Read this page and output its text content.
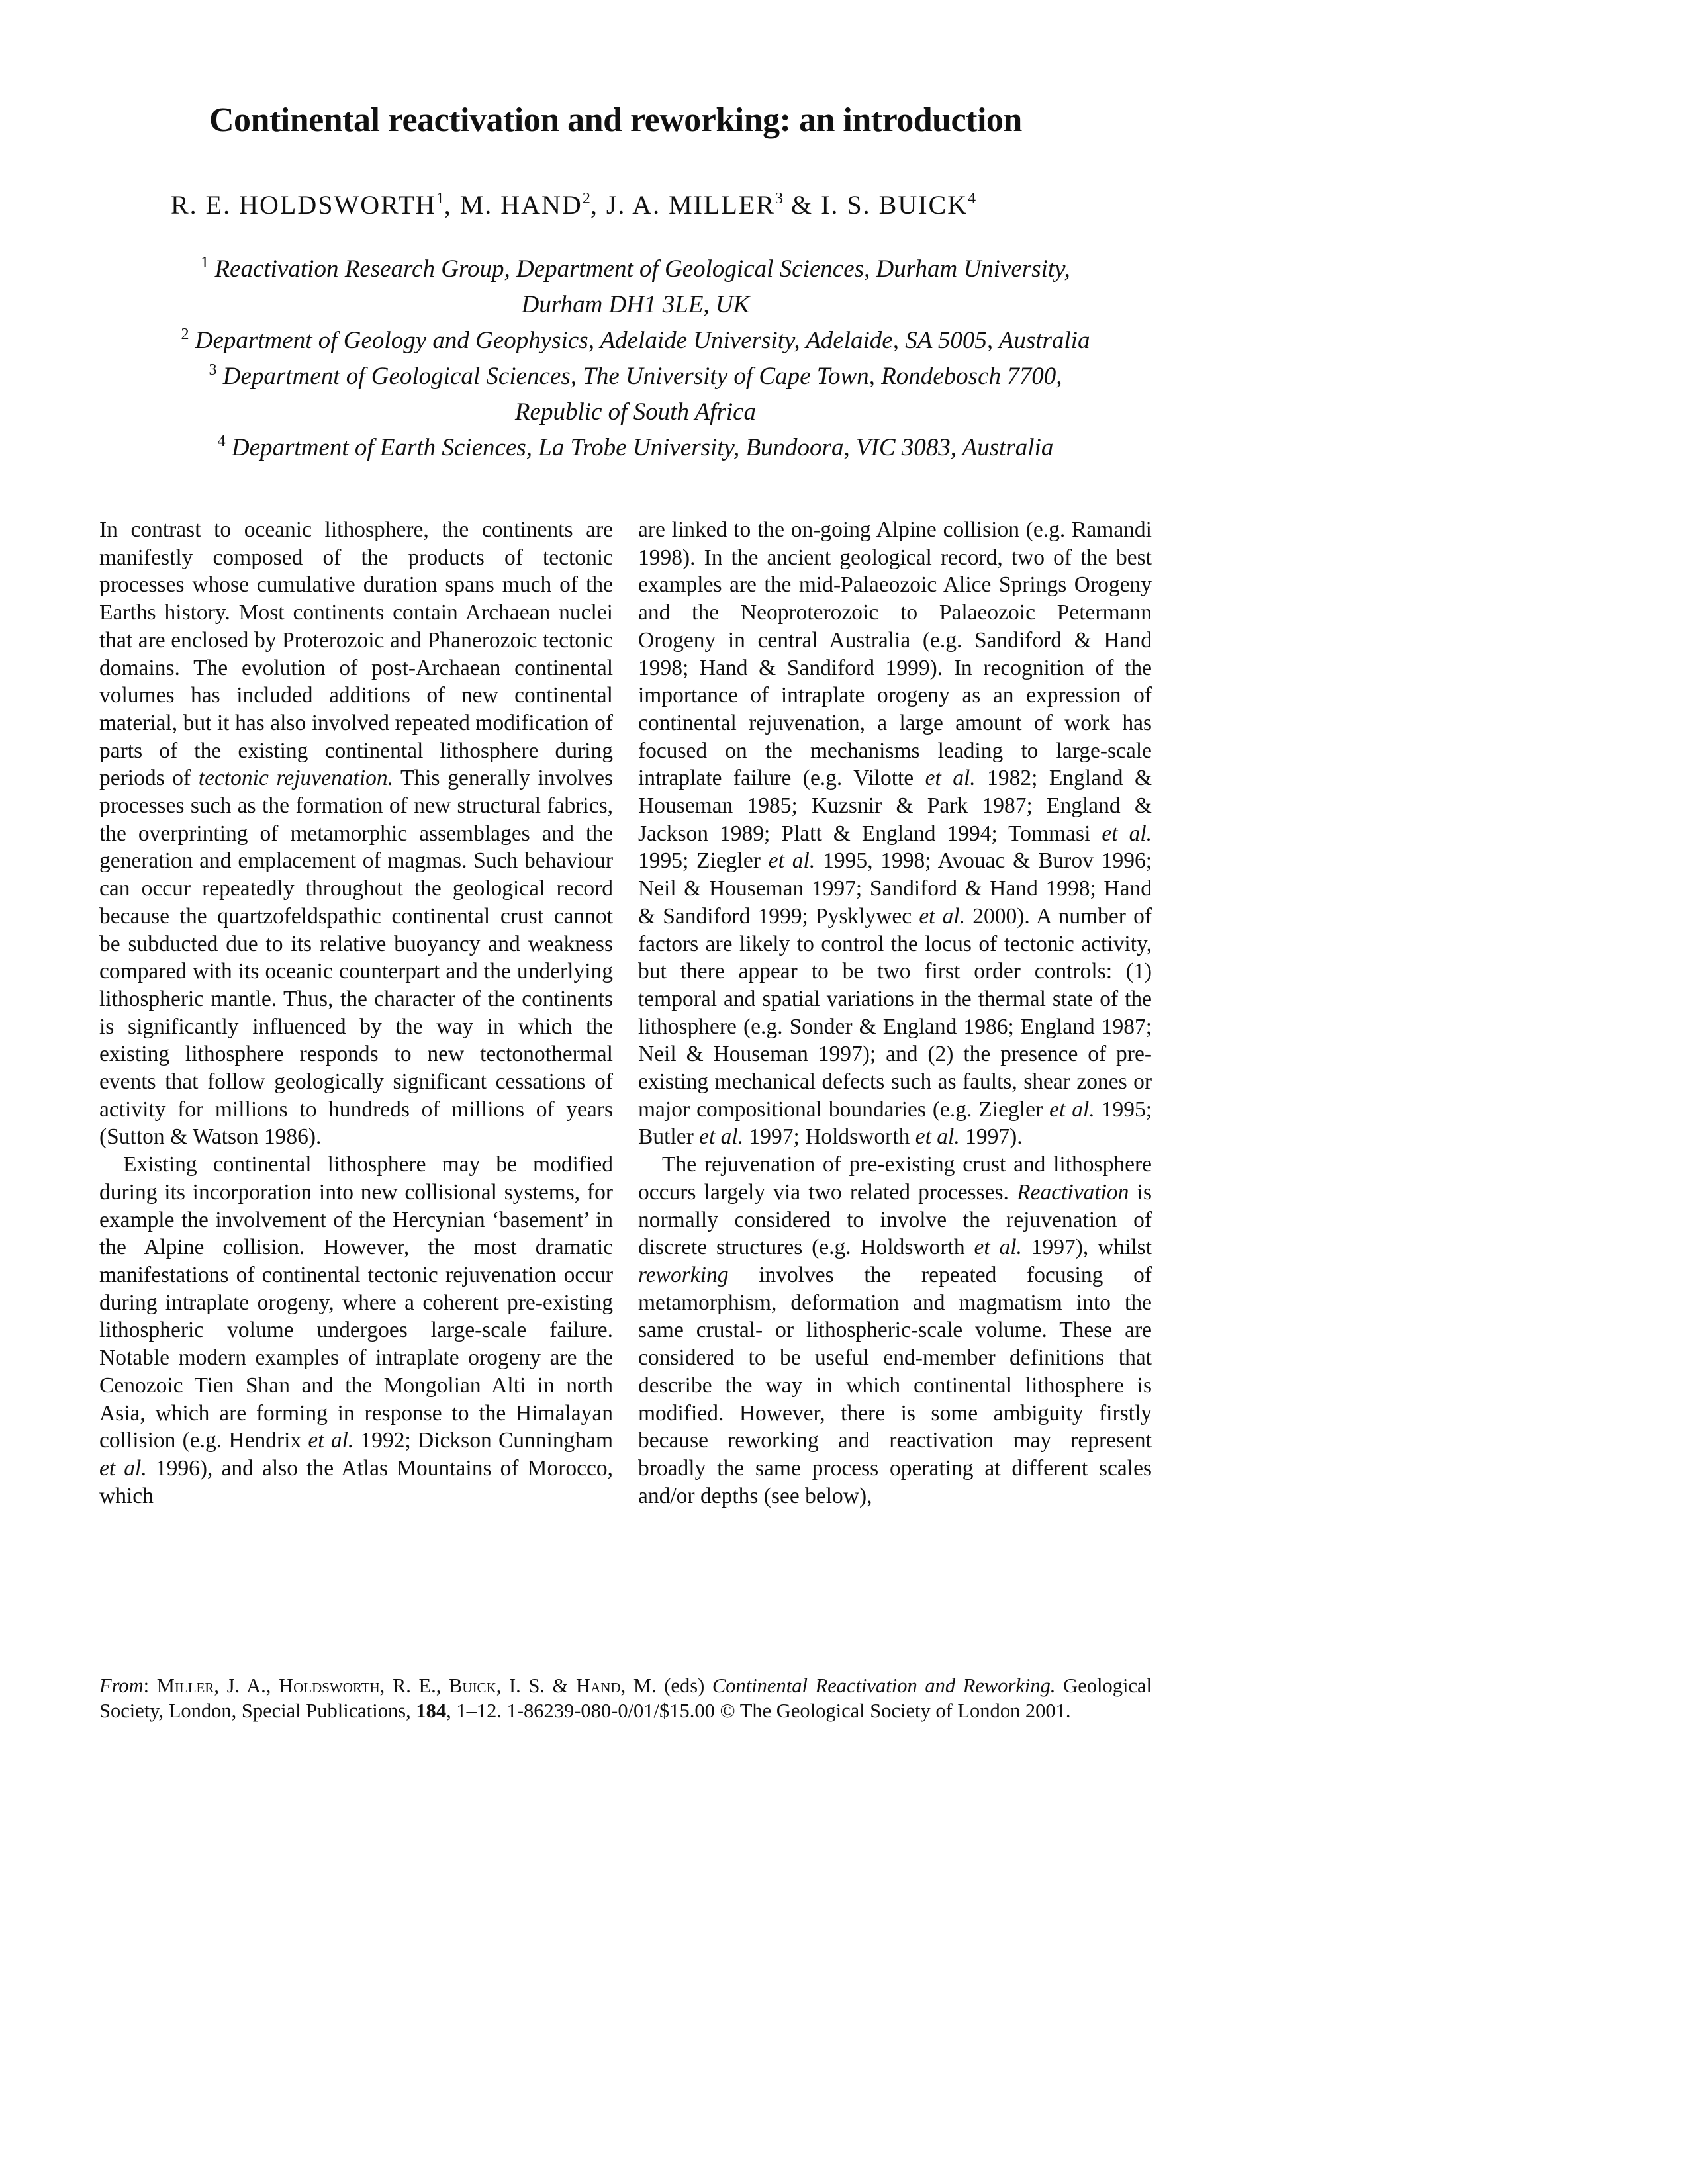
Continental reactivation and reworking: an introduction
R. E. HOLDSWORTH$^1$, M. HAND$^2$, J. A. MILLER$^3$ & I. S. BUICK$^4$

$^1$ Reactivation Research Group, Department of Geological Sciences, Durham University,
Durham DH1 3LE, UK

$^2$ Department of Geology and Geophysics, Adelaide University, Adelaide, SA 5005, Australia

$^3$ Department of Geological Sciences, The University of Cape Town, Rondebosch 7700,
Republic of South Africa

$^4$ Department of Earth Sciences, La Trobe University, Bundoora, VIC 3083, Australia

In contrast to oceanic lithosphere, the continents are manifestly composed of the products of tectonic processes whose cumulative duration spans much of the Earths history. Most continents contain Archaean nuclei that are enclosed by Proterozoic and Phanerozoic tectonic domains. The evolution of post-Archaean continental volumes has included additions of new continental material, but it has also involved repeated modification of parts of the existing continental lithosphere during periods of tectonic rejuvenation. This generally involves processes such as the formation of new structural fabrics, the overprinting of metamorphic assemblages and the generation and emplacement of magmas. Such behaviour can occur repeatedly throughout the geological record because the quartzofeldspathic continental crust cannot be subducted due to its relative buoyancy and weakness compared with its oceanic counterpart and the underlying lithospheric mantle. Thus, the character of the continents is significantly influenced by the way in which the existing lithosphere responds to new tectonothermal events that follow geologically significant cessations of activity for millions to hundreds of millions of years (Sutton & Watson 1986).

Existing continental lithosphere may be modified during its incorporation into new collisional systems, for example the involvement of the Hercynian ‘basement’ in the Alpine collision. However, the most dramatic manifestations of continental tectonic rejuvenation occur during intraplate orogeny, where a coherent pre-existing lithospheric volume undergoes large-scale failure. Notable modern examples of intraplate orogeny are the Cenozoic Tien Shan and the Mongolian Alti in north Asia, which are forming in response to the Himalayan collision (e.g. Hendrix et al. 1992; Dickson Cunningham et al. 1996), and also the Atlas Mountains of Morocco, which

are linked to the on-going Alpine collision (e.g. Ramandi 1998). In the ancient geological record, two of the best examples are the mid-Palaeozoic Alice Springs Orogeny and the Neoproterozoic to Palaeozoic Petermann Orogeny in central Australia (e.g. Sandiford & Hand 1998; Hand & Sandiford 1999). In recognition of the importance of intraplate orogeny as an expression of continental rejuvenation, a large amount of work has focused on the mechanisms leading to large-scale intraplate failure (e.g. Vilotte et al. 1982; England & Houseman 1985; Kuzsnir & Park 1987; England & Jackson 1989; Platt & England 1994; Tommasi et al. 1995; Ziegler et al. 1995, 1998; Avouac & Burov 1996; Neil & Houseman 1997; Sandiford & Hand 1998; Hand & Sandiford 1999; Pysklywec et al. 2000). A number of factors are likely to control the locus of tectonic activity, but there appear to be two first order controls: (1) temporal and spatial variations in the thermal state of the lithosphere (e.g. Sonder & England 1986; England 1987; Neil & Houseman 1997); and (2) the presence of pre-existing mechanical defects such as faults, shear zones or major compositional boundaries (e.g. Ziegler et al. 1995; Butler et al. 1997; Holdsworth et al. 1997).

The rejuvenation of pre-existing crust and lithosphere occurs largely via two related processes. Reactivation is normally considered to involve the rejuvenation of discrete structures (e.g. Holdsworth et al. 1997), whilst reworking involves the repeated focusing of metamorphism, deformation and magmatism into the same crustal- or lithospheric-scale volume. These are considered to be useful end-member definitions that describe the way in which continental lithosphere is modified. However, there is some ambiguity firstly because reworking and reactivation may represent broadly the same process operating at different scales and/or depths (see below),

From: Miller, J. A., Holdsworth, R. E., Buick, I. S. & Hand, M. (eds) Continental Reactivation and Reworking. Geological Society, London, Special Publications, 184, 1–12. 1-86239-080-0/01/$15.00 © The Geological Society of London 2001.
